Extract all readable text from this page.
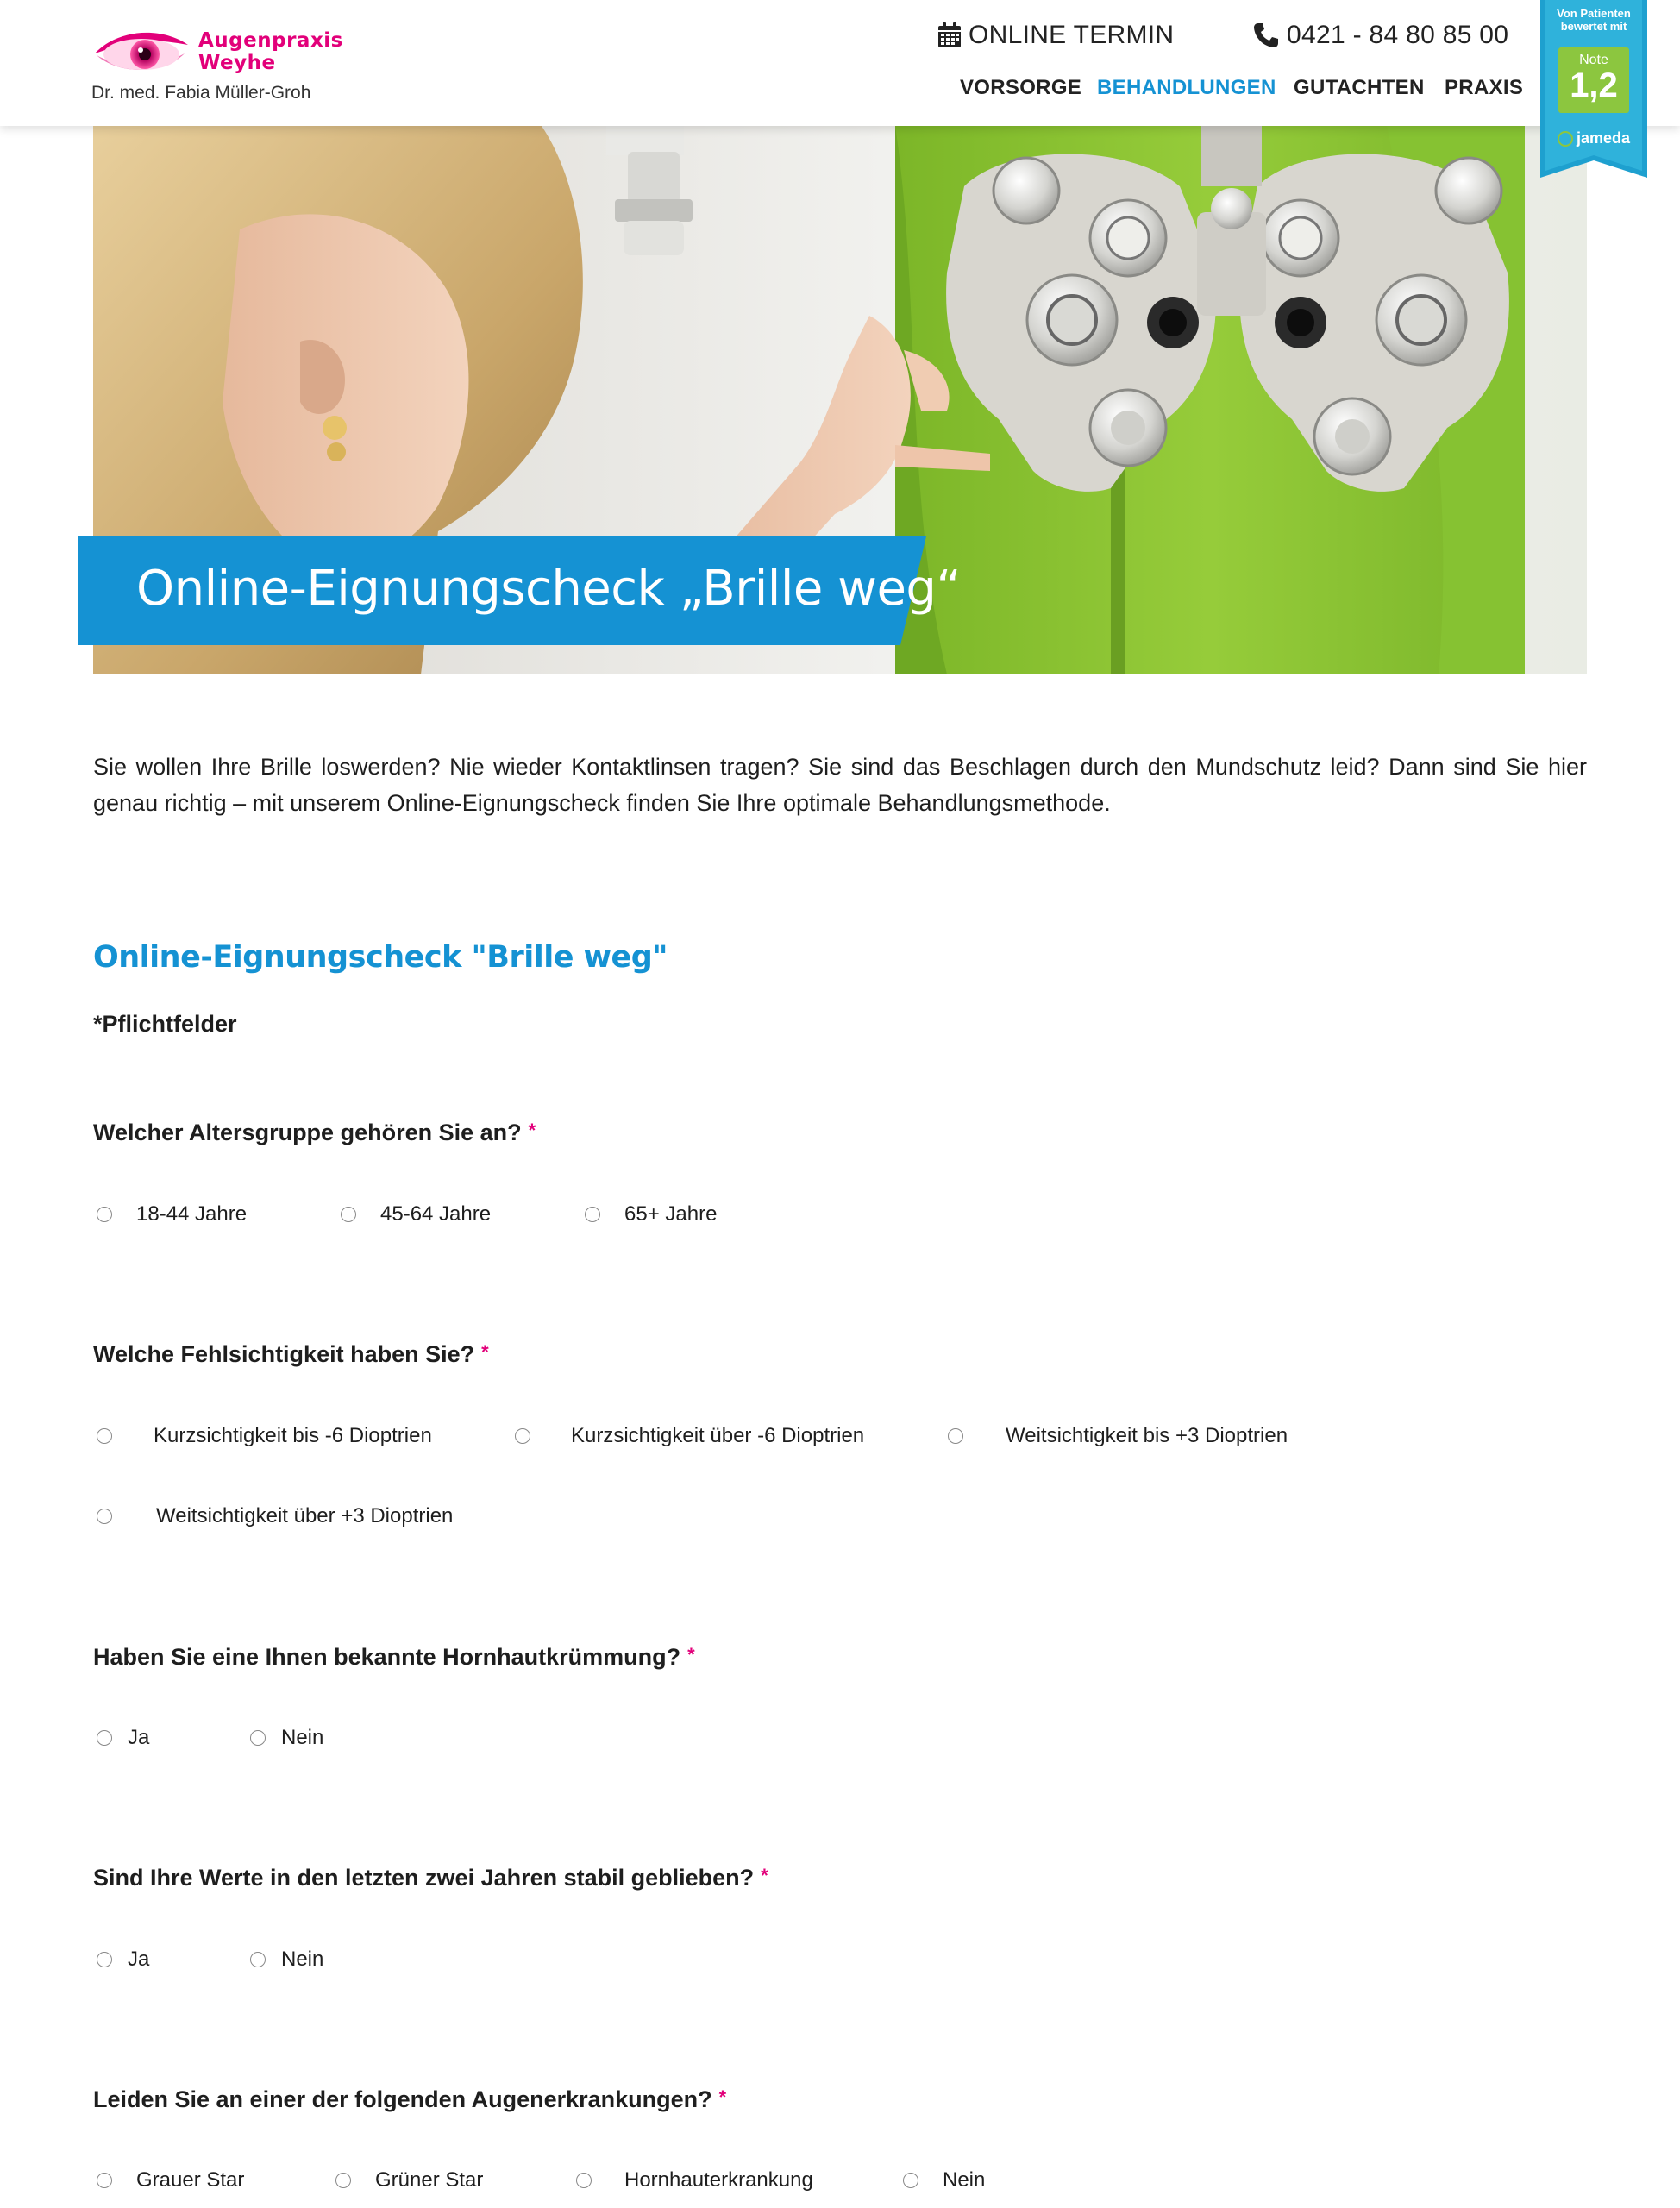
Augenpraxis
Weyhe
Dr. med. Fabia Müller-Groh
ONLINE TERMIN	0421 - 84 80 85 00
VORSORGE BEHANDLUNGEN GUTACHTEN PRAXIS
Von Patienten
bewertet mit
Note
1,2
jameda
Online-Eignungscheck „Brille weg“
Sie wollen Ihre Brille loswerden? Nie wieder Kontaktlinsen tragen? Sie sind das Beschlagen durch den Mundschutz leid? Dann sind Sie hier genau richtig – mit unserem Online-Eignungscheck finden Sie Ihre optimale Behandlungsmethode.
Online-Eignungscheck "Brille weg"
*Pflichtfelder
Welcher Altersgruppe gehören Sie an? *
18-44 Jahre	45-64 Jahre	65+ Jahre
Welche Fehlsichtigkeit haben Sie? *
Kurzsichtigkeit bis -6 Dioptrien	Kurzsichtigkeit über -6 Dioptrien	Weitsichtigkeit bis +3 Dioptrien
Weitsichtigkeit über +3 Dioptrien
Haben Sie eine Ihnen bekannte Hornhautkrümmung? *
Ja	Nein
Sind Ihre Werte in den letzten zwei Jahren stabil geblieben? *
Ja	Nein
Leiden Sie an einer der folgenden Augenerkrankungen? *
Grauer Star	Grüner Star	Hornhauterkrankung	Nein
